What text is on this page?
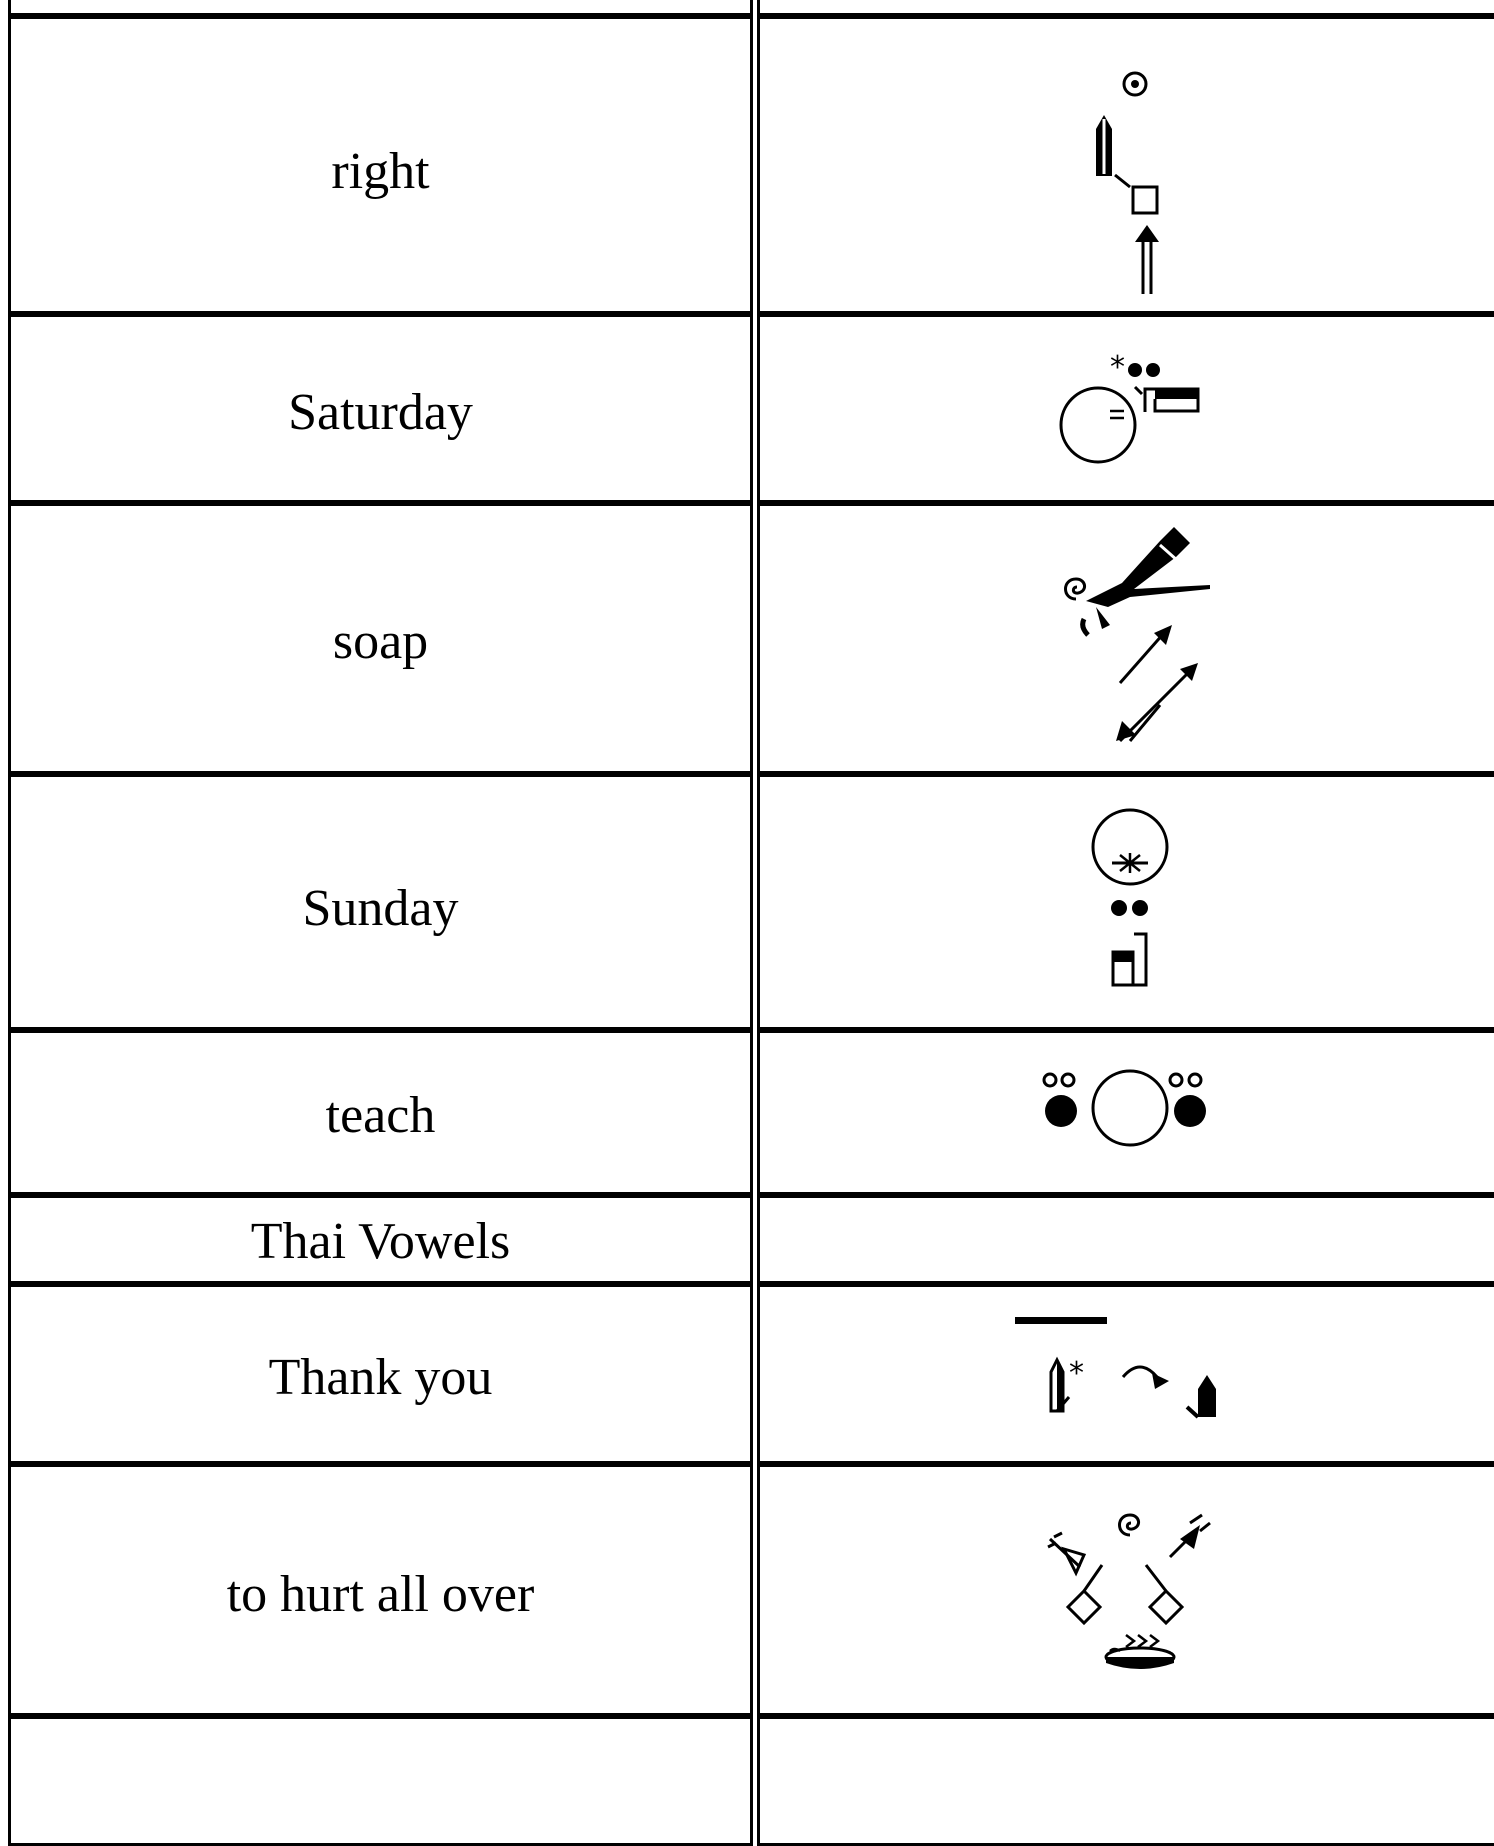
right
Saturday
*
soap
Sunday
teach
Thai Vowels
Thank you	*
to hurt all over
